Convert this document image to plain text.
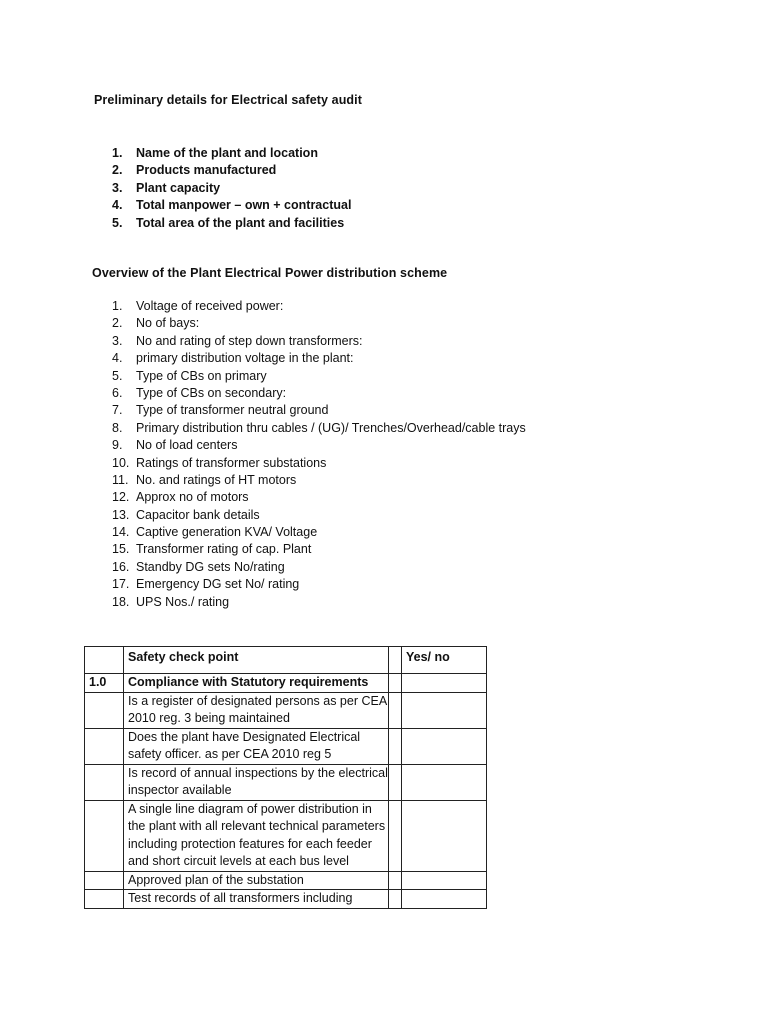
Preliminary details for Electrical safety audit
1. Name of the plant and location
2. Products manufactured
3. Plant capacity
4. Total manpower – own + contractual
5. Total area of the plant and facilities
Overview of the Plant Electrical Power distribution scheme
1. Voltage of received power:
2. No of bays:
3. No and rating of step down transformers:
4. primary distribution voltage in the plant:
5. Type of CBs on primary
6. Type of CBs on secondary:
7. Type of transformer neutral ground
8. Primary distribution thru cables / (UG)/ Trenches/Overhead/cable trays
9. No of load centers
10. Ratings of transformer substations
11. No. and ratings of HT motors
12. Approx no of motors
13. Capacitor bank details
14. Captive generation KVA/ Voltage
15. Transformer rating of cap. Plant
16. Standby DG sets No/rating
17. Emergency DG set No/ rating
18. UPS Nos./ rating
	Safety check point		Yes/ no
1.0	Compliance with Statutory requirements		
	Is a register of designated persons as per CEA 2010 reg. 3 being maintained		
	Does the plant have Designated Electrical safety officer. as per CEA 2010 reg 5		
	Is record of annual inspections by the electrical inspector available		
	A single line diagram of power distribution in the plant with all relevant technical parameters including protection features for each feeder and short circuit levels at each bus level		
	Approved plan of the substation		
	Test records of all transformers including		
